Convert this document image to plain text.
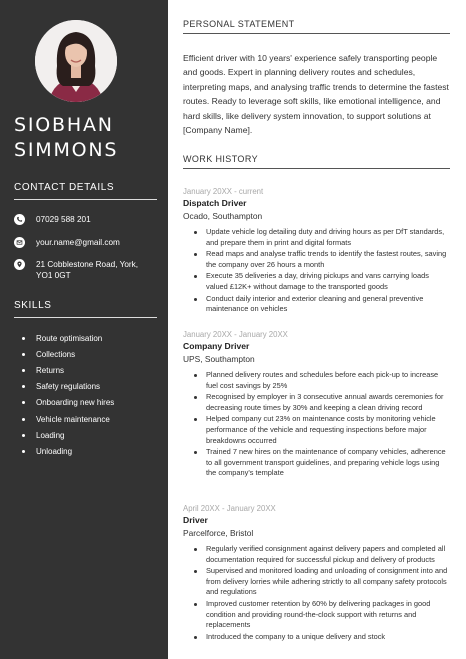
SIOBHAN
SIMMONS
CONTACT DETAILS
07029 588 201
your.name@gmail.com
21 Cobblestone Road, York,
YO1 0GT
SKILLS
Route optimisation
Collections
Returns
Safety regulations
Onboarding new hires
Vehicle maintenance
Loading
Unloading
PERSONAL STATEMENT

Efficient driver with 10 years' experience safely transporting people and goods. Expert in planning delivery routes and schedules, interpreting maps, and analysing traffic trends to determine the fastest routes. Ready to leverage soft skills, like emotional intelligence, and hard skills, like delivery system innovation, to support solutions at [Company Name].

WORK HISTORY
January 20XX - current
Dispatch Driver
Ocado, Southampton
Update vehicle log detailing duty and driving hours as per DfT standards, and prepare them in print and digital formats
Read maps and analyse traffic trends to identify the fastest routes, saving the company over 26 hours a month
Execute 35 deliveries a day, driving pickups and vans carrying loads valued £12K+ without damage to the transported goods
Conduct daily interior and exterior cleaning and general preventive maintenance on vehicles
January 20XX - January 20XX
Company Driver
UPS, Southampton
Planned delivery routes and schedules before each pick-up to increase fuel cost savings by 25%
Recognised by employer in 3 consecutive annual awards ceremonies for decreasing route times by 30% and keeping a clean driving record
Helped company cut 23% on maintenance costs by monitoring vehicle performance of the vehicle and requesting inspections before major breakdowns occurred
Trained 7 new hires on the maintenance of company vehicles, adherence to all government transport guidelines, and preparing vehicle logs using the company's template
April 20XX - January 20XX
Driver
Parcelforce, Bristol
Regularly verified consignment against delivery papers and completed all documentation required for successful pickup and delivery of products
Supervised and monitored loading and unloading of consignment into and from delivery lorries while adhering strictly to all company safety protocols and regulations
Improved customer retention by 60% by delivering packages in good condition and providing round-the-clock support with returns and replacements
Introduced the company to a unique delivery and stock
